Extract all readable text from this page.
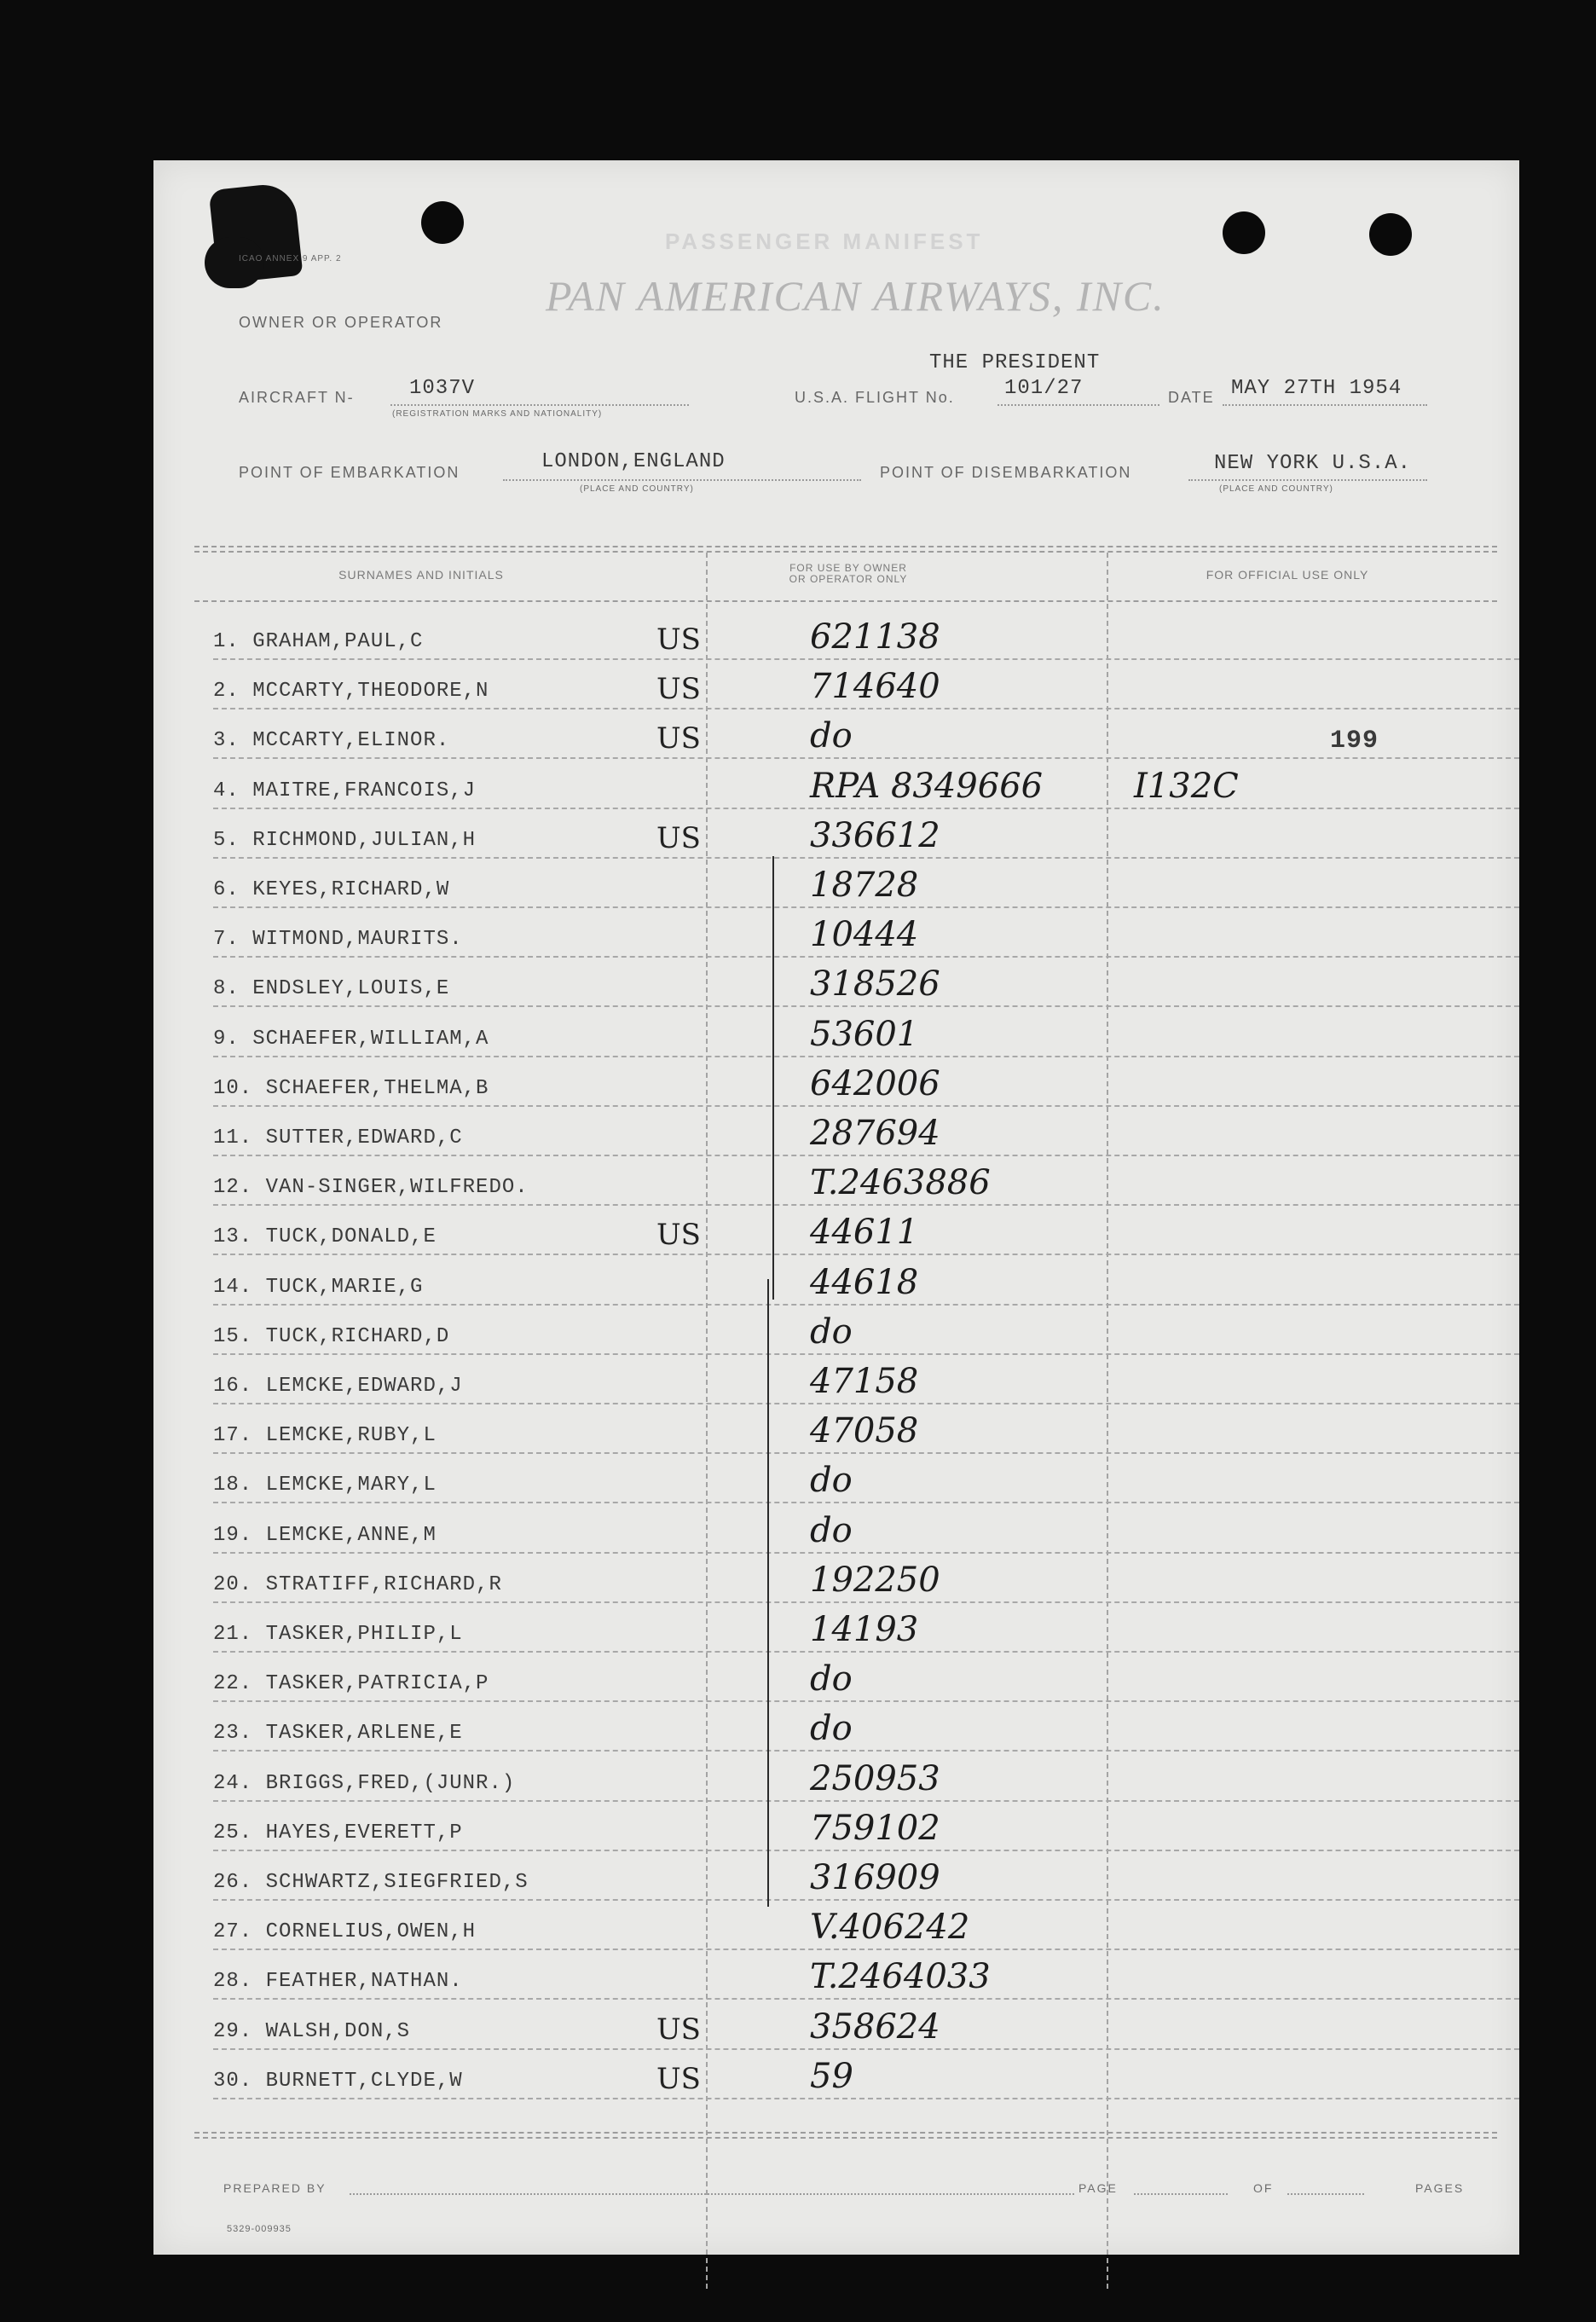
PASSENGER MANIFEST
ICAO ANNEX 9 APP. 2
OWNER OR OPERATOR
PAN AMERICAN AIRWAYS, INC.
THE PRESIDENT
AIRCRAFT N-	1037V
(REGISTRATION MARKS AND NATIONALITY)
U.S.A. FLIGHT No. 101/27	DATE MAY 27TH 1954
POINT OF EMBARKATION	LONDON,ENGLAND
(PLACE AND COUNTRY)
POINT OF DISEMBARKATION	NEW YORK U.S.A.
(PLACE AND COUNTRY)
SURNAMES AND INITIALS	FOR USE BY OWNER
OR OPERATOR ONLY	FOR OFFICIAL USE ONLY
1. GRAHAM,PAUL,C	US	621138
2. MCCARTY,THEODORE,N	US	714640
3. MCCARTY,ELINOR.	US	do	199
4. MAITRE,FRANCOIS,J	RPA 8349666	I132C
5. RICHMOND,JULIAN,H	US	336612
6. KEYES,RICHARD,W	18728
7. WITMOND,MAURITS.	10444
8. ENDSLEY,LOUIS,E	318526
9. SCHAEFER,WILLIAM,A	53601
10. SCHAEFER,THELMA,B	642006
11. SUTTER,EDWARD,C	287694
12. VAN-SINGER,WILFREDO.	T.2463886
13. TUCK,DONALD,E	US	44611
14. TUCK,MARIE,G	44618
15. TUCK,RICHARD,D	do
16. LEMCKE,EDWARD,J	47158
17. LEMCKE,RUBY,L	47058
18. LEMCKE,MARY,L	do
19. LEMCKE,ANNE,M	do
20. STRATIFF,RICHARD,R	192250
21. TASKER,PHILIP,L	14193
22. TASKER,PATRICIA,P	do
23. TASKER,ARLENE,E	do
24. BRIGGS,FRED,(JUNR.)	250953
25. HAYES,EVERETT,P	759102
26. SCHWARTZ,SIEGFRIED,S	316909
27. CORNELIUS,OWEN,H	V.406242
28. FEATHER,NATHAN.	T.2464033
29. WALSH,DON,S	US	358624
30. BURNETT,CLYDE,W	US	59
PREPARED BY	PAGE	OF	PAGES
5329-009935
